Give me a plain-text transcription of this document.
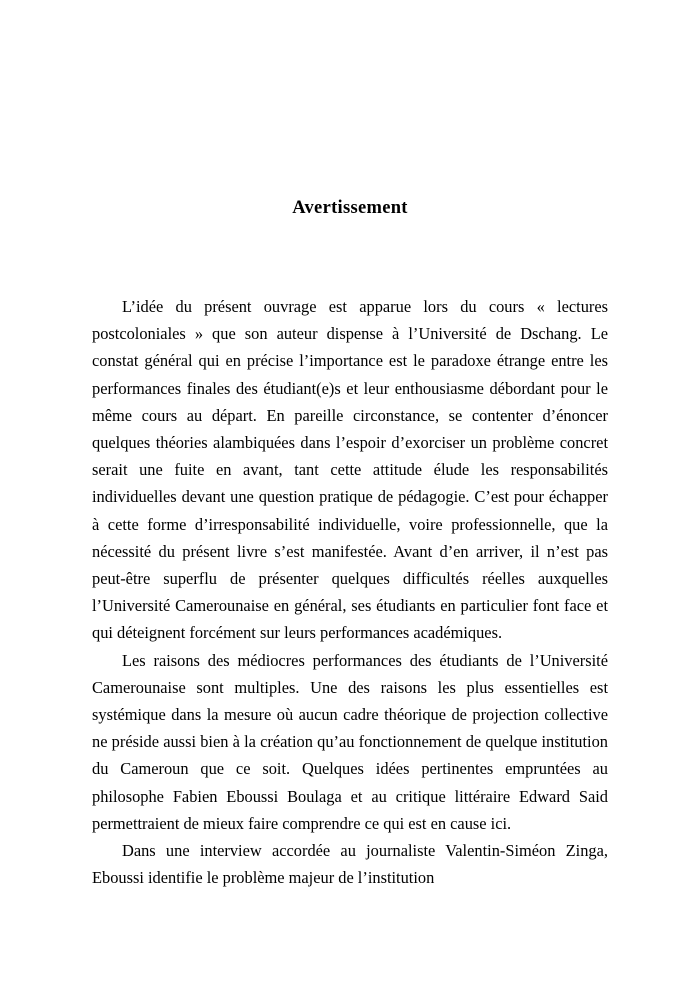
Avertissement

L’idée du présent ouvrage est apparue lors du cours « lectures postcoloniales » que son auteur dispense à l’Université de Dschang. Le constat général qui en précise l’importance est le paradoxe étrange entre les performances finales des étudiant(e)s et leur enthousiasme débordant pour le même cours au départ. En pareille circonstance, se contenter d’énoncer quelques théories alambiquées dans l’espoir d’exorciser un problème concret serait une fuite en avant, tant cette attitude élude les responsabilités individuelles devant une question pratique de pédagogie. C’est pour échapper à cette forme d’irresponsabilité individuelle, voire professionnelle, que la nécessité du présent livre s’est manifestée. Avant d’en arriver, il n’est pas peut-être superflu de présenter quelques difficultés réelles auxquelles l’Université Camerounaise en général, ses étudiants en particulier font face et qui déteignent forcément sur leurs performances académiques.

Les raisons des médiocres performances des étudiants de l’Université Camerounaise sont multiples. Une des raisons les plus essentielles est systémique dans la mesure où aucun cadre théorique de projection collective ne préside aussi bien à la création qu’au fonctionnement de quelque institution du Cameroun que ce soit. Quelques idées pertinentes empruntées au philosophe Fabien Eboussi Boulaga et au critique littéraire Edward Said permettraient de mieux faire comprendre ce qui est en cause ici.

Dans une interview accordée au journaliste Valentin-Siméon Zinga, Eboussi identifie le problème majeur de l’institution
